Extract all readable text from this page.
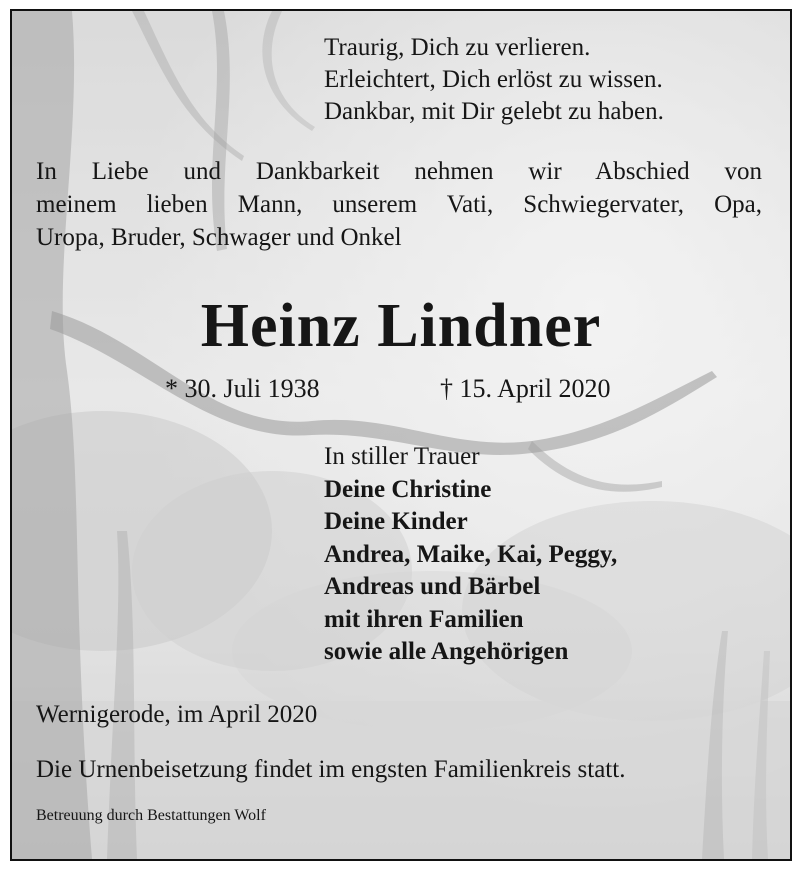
Traurig, Dich zu verlieren.
Erleichtert, Dich erlöst zu wissen.
Dankbar, mit Dir gelebt zu haben.
In Liebe und Dankbarkeit nehmen wir Abschied von
meinem lieben Mann, unserem Vati, Schwiegervater, Opa,
Uropa, Bruder, Schwager und Onkel
Heinz Lindner
* 30. Juli 1938	† 15. April 2020
In stiller Trauer
Deine Christine
Deine Kinder
Andrea, Maike, Kai, Peggy,
Andreas und Bärbel
mit ihren Familien
sowie alle Angehörigen
Wernigerode, im April 2020
Die Urnenbeisetzung findet im engsten Familienkreis statt.
Betreuung durch Bestattungen Wolf
